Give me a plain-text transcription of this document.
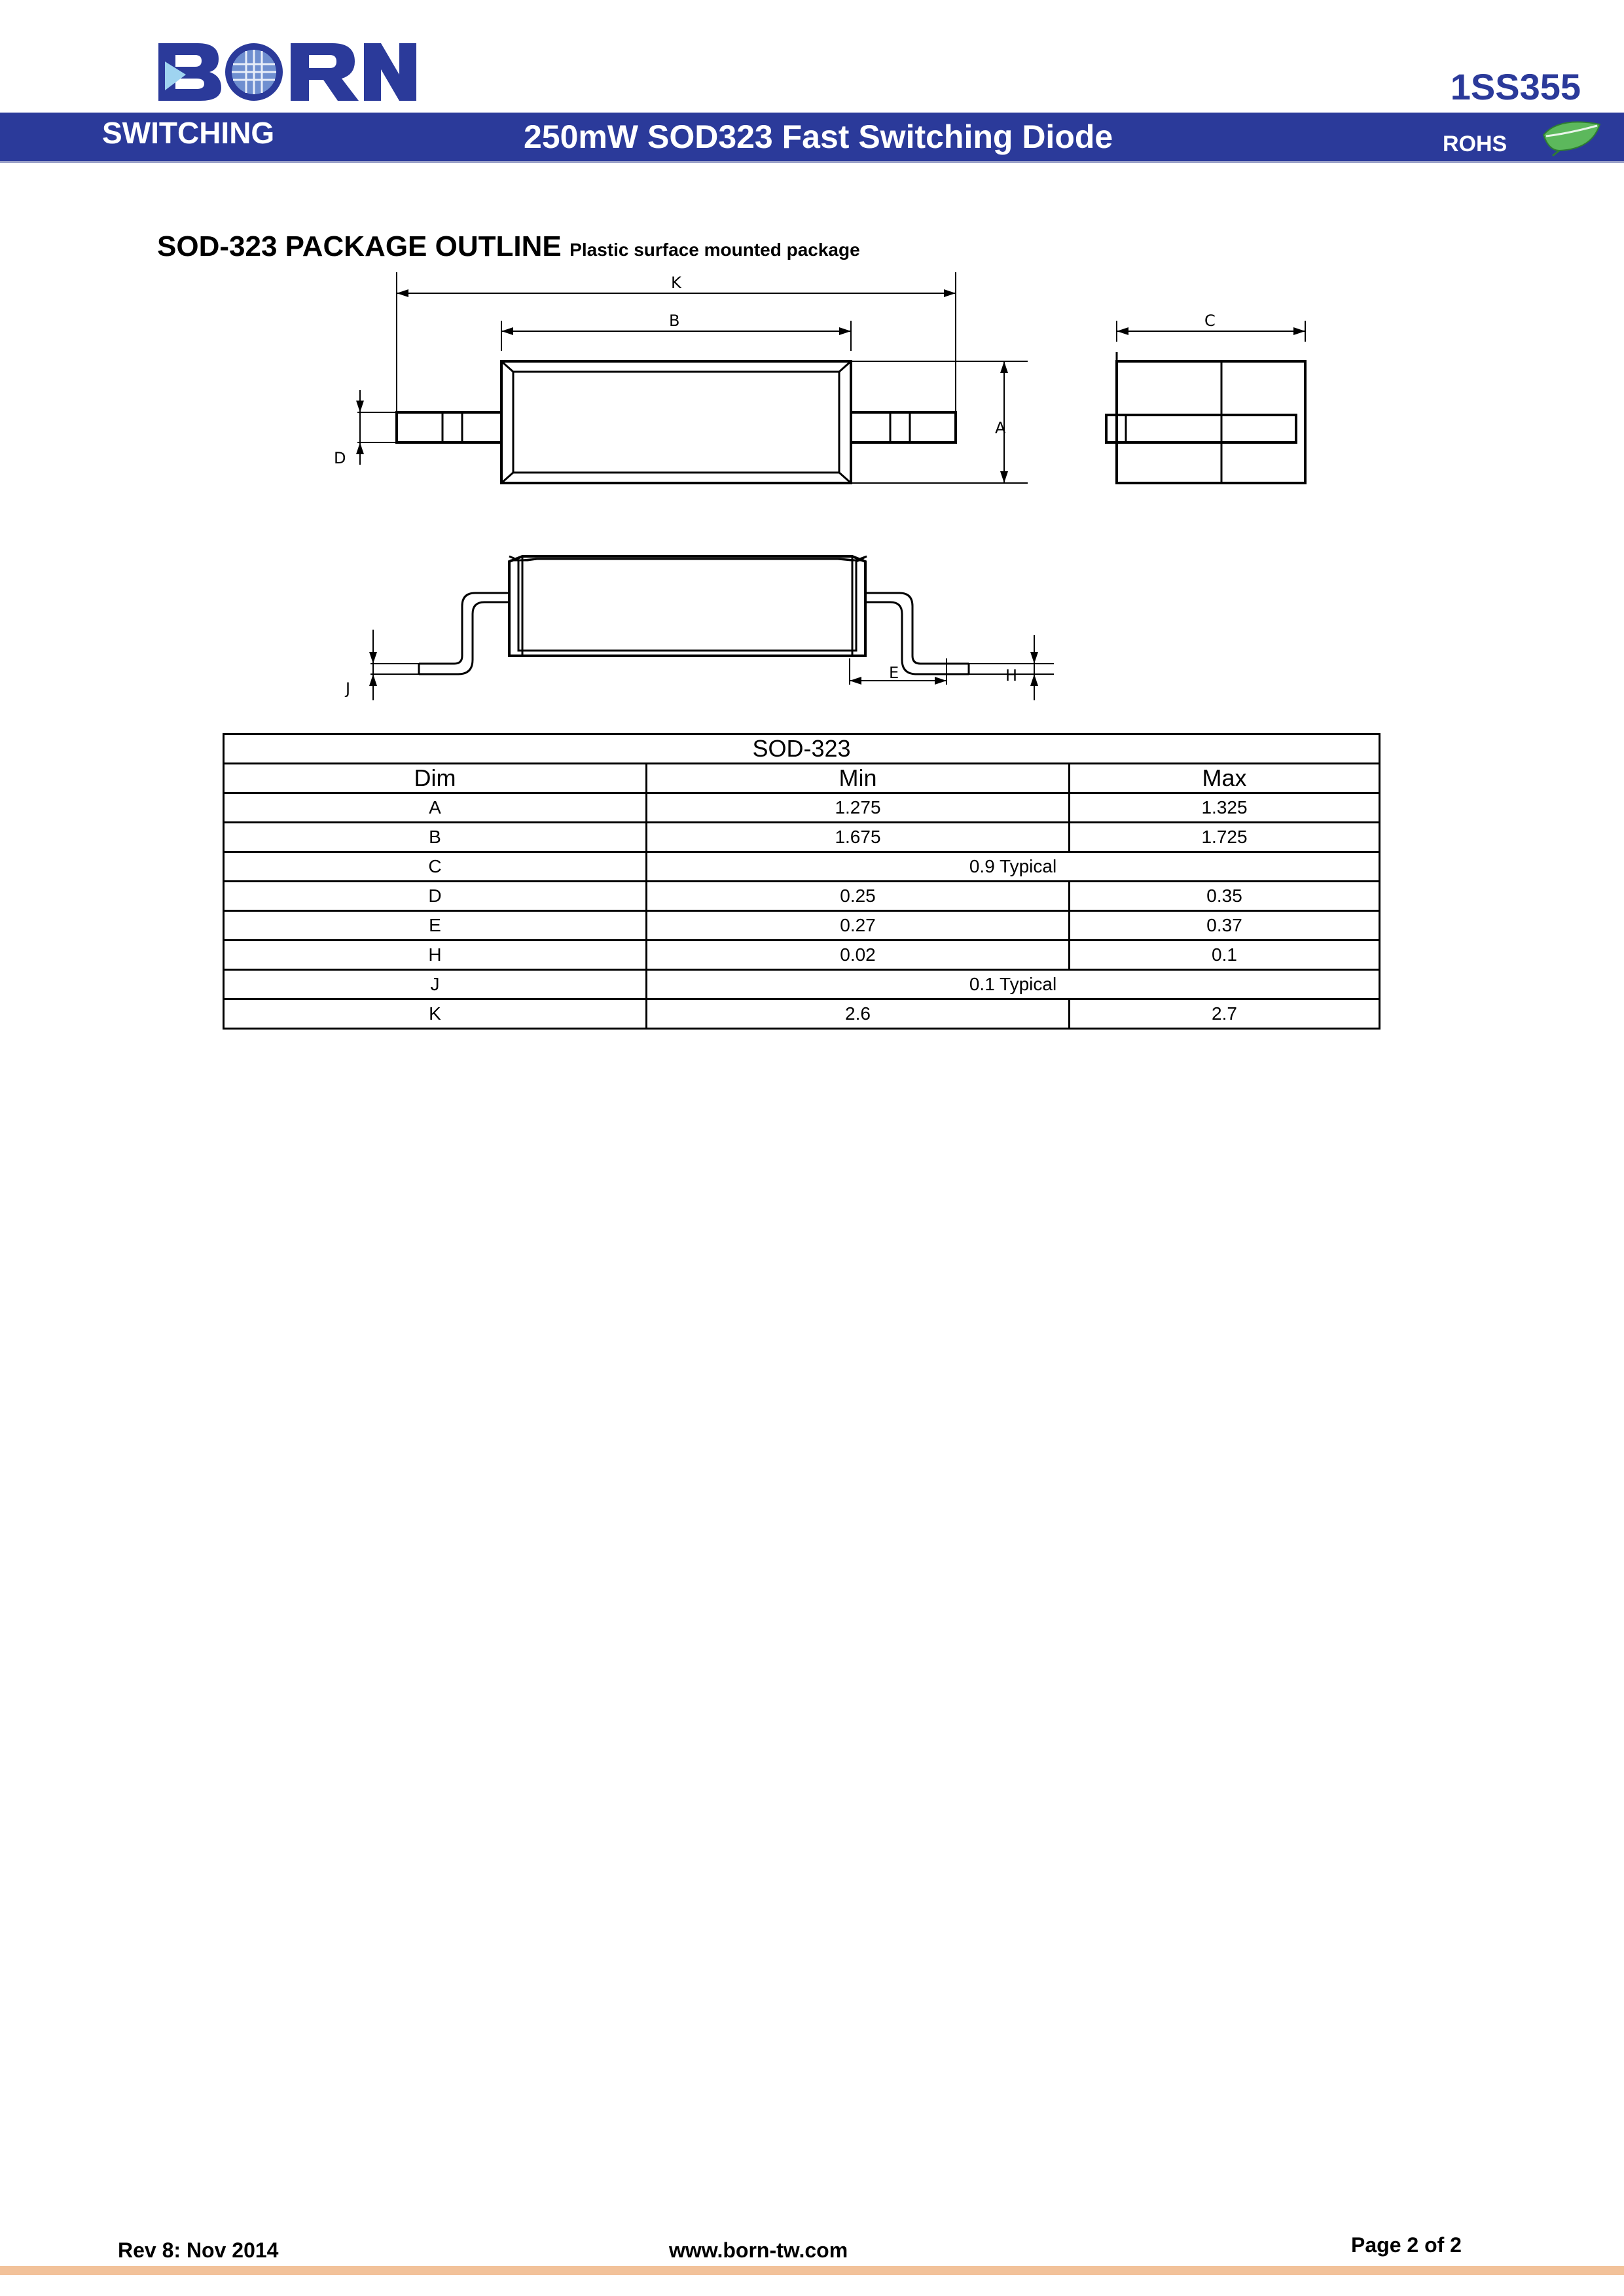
1SS355
SWITCHING	250mW SOD323 Fast Switching Diode	ROHS
SOD-323 PACKAGE OUTLINE Plastic surface mounted package
K
B
D
A
C
J
E	H
SOD-323		
Dim	Min	Max
A	1.275	1.325
B	1.675	1.725
C	0.9 Typical	
D	0.25	0.35
E	0.27	0.37
H	0.02	0.1
J	0.1 Typical	
K	2.6	2.7
Rev 8: Nov 2014	www.born-tw.com	Page 2 of 2
